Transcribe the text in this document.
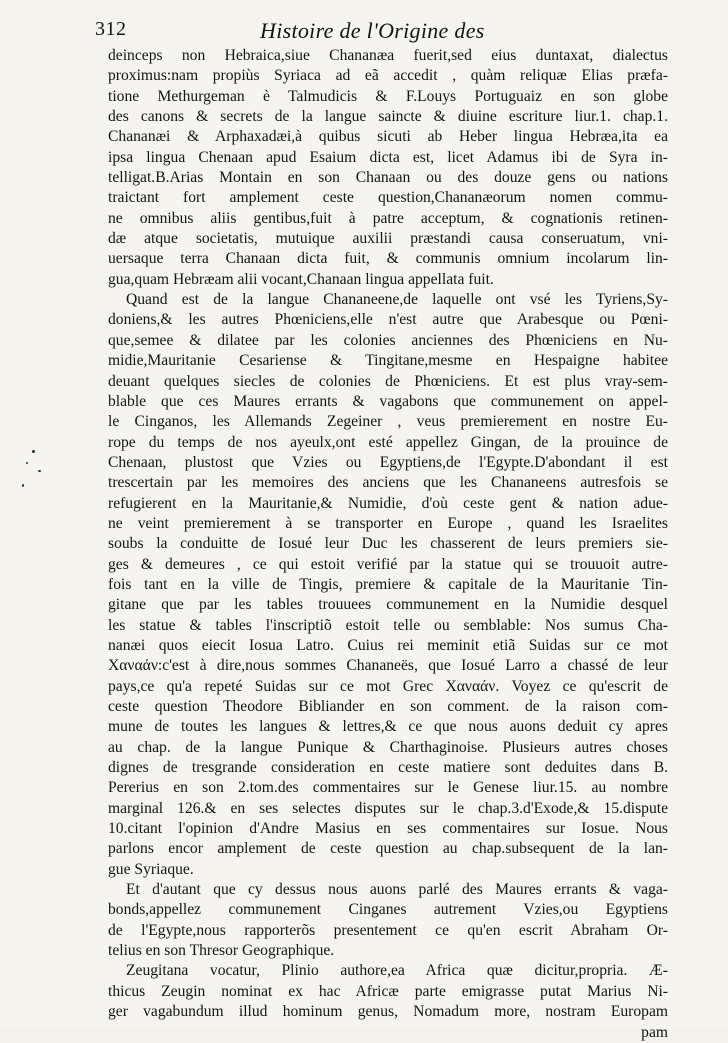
312	Histoire de l'Origine des
deinceps non Hebraica,siue Chananæa fuerit,sed eius duntaxat, dialectus
proximus:nam propiùs Syriaca ad eã accedit , quàm reliquæ Elias præfa-
tione Methurgeman è Talmudicis & F.Louys Portuguaiz en son globe
des canons & secrets de la langue saincte & diuine escriture liur.1. chap.1.
Chananæi & Arphaxadæi,à quibus sicuti ab Heber lingua Hebræa,ita ea
ipsa lingua Chenaan apud Esaium dicta est, licet Adamus ibi de Syra in-
telligat.B.Arias Montain en son Chanaan ou des douze gens ou nations
traictant fort amplement ceste question,Chananæorum nomen commu-
ne omnibus aliis gentibus,fuit à patre acceptum, & cognationis retinen-
dæ atque societatis, mutuique auxilii præstandi causa conseruatum, vni-
uersaque terra Chanaan dicta fuit, & communis omnium incolarum lin-
gua,quam Hebræam alii vocant,Chanaan lingua appellata fuit.
Quand est de la langue Chananeene,de laquelle ont vsé les Tyriens,Sy-
doniens,& les autres Phœniciens,elle n'est autre que Arabesque ou Pœni-
que,semee & dilatee par les colonies anciennes des Phœniciens en Nu-
midie,Mauritanie Cesariense & Tingitane,mesme en Hespaigne habitee
deuant quelques siecles de colonies de Phœniciens. Et est plus vray-sem-
blable que ces Maures errants & vagabons que communement on appel-
le Cinganos, les Allemands Zegeiner , veus premierement en nostre Eu-
rope du temps de nos ayeulx,ont esté appellez Gingan, de la prouince de
Chenaan, plustost que Vzies ou Egyptiens,de l'Egypte.D'abondant il est
trescertain par les memoires des anciens que les Chananeens autresfois se
refugierent en la Mauritanie,& Numidie, d'où ceste gent & nation adue-
ne veint premierement à se transporter en Europe , quand les Israelites
soubs la conduitte de Iosué leur Duc les chasserent de leurs premiers sie-
ges & demeures , ce qui estoit verifié par la statue qui se trouuoit autre-
fois tant en la ville de Tingis, premiere & capitale de la Mauritanie Tin-
gitane que par les tables trouuees communement en la Numidie desquel
les statue & tables l'inscriptiõ estoit telle ou semblable: Nos sumus Cha-
nanæi quos eiecit Iosua Latro. Cuius rei meminit etiã Suidas sur ce mot
Χαναάν:c'est à dire,nous sommes Chananeës, que Iosué Larro a chassé de leur
pays,ce qu'a repeté Suidas sur ce mot Grec Χαναάν. Voyez ce qu'escrit de
ceste question Theodore Bibliander en son comment. de la raison com-
mune de toutes les langues & lettres,& ce que nous auons deduit cy apres
au chap. de la langue Punique & Charthaginoise. Plusieurs autres choses
dignes de tresgrande consideration en ceste matiere sont deduites dans B.
Pererius en son 2.tom.des commentaires sur le Genese liur.15. au nombre
marginal 126.& en ses selectes disputes sur le chap.3.d'Exode,& 15.dispute
10.citant l'opinion d'Andre Masius en ses commentaires sur Iosue. Nous
parlons encor amplement de ceste question au chap.subsequent de la lan-
gue Syriaque.
Et d'autant que cy dessus nous auons parlé des Maures errants & vaga-
bonds,appellez communement Cinganes autrement Vzies,ou Egyptiens
de l'Egypte,nous rapporterõs presentement ce qu'en escrit Abraham Or-
telius en son Thresor Geographique.
Zeugitana vocatur, Plinio authore,ea Africa quæ dicitur,propria. Æ-
thicus Zeugin nominat ex hac Africæ parte emigrasse putat Marius Ni-
ger vagabundum illud hominum genus, Nomadum more, nostram Europam
pam
